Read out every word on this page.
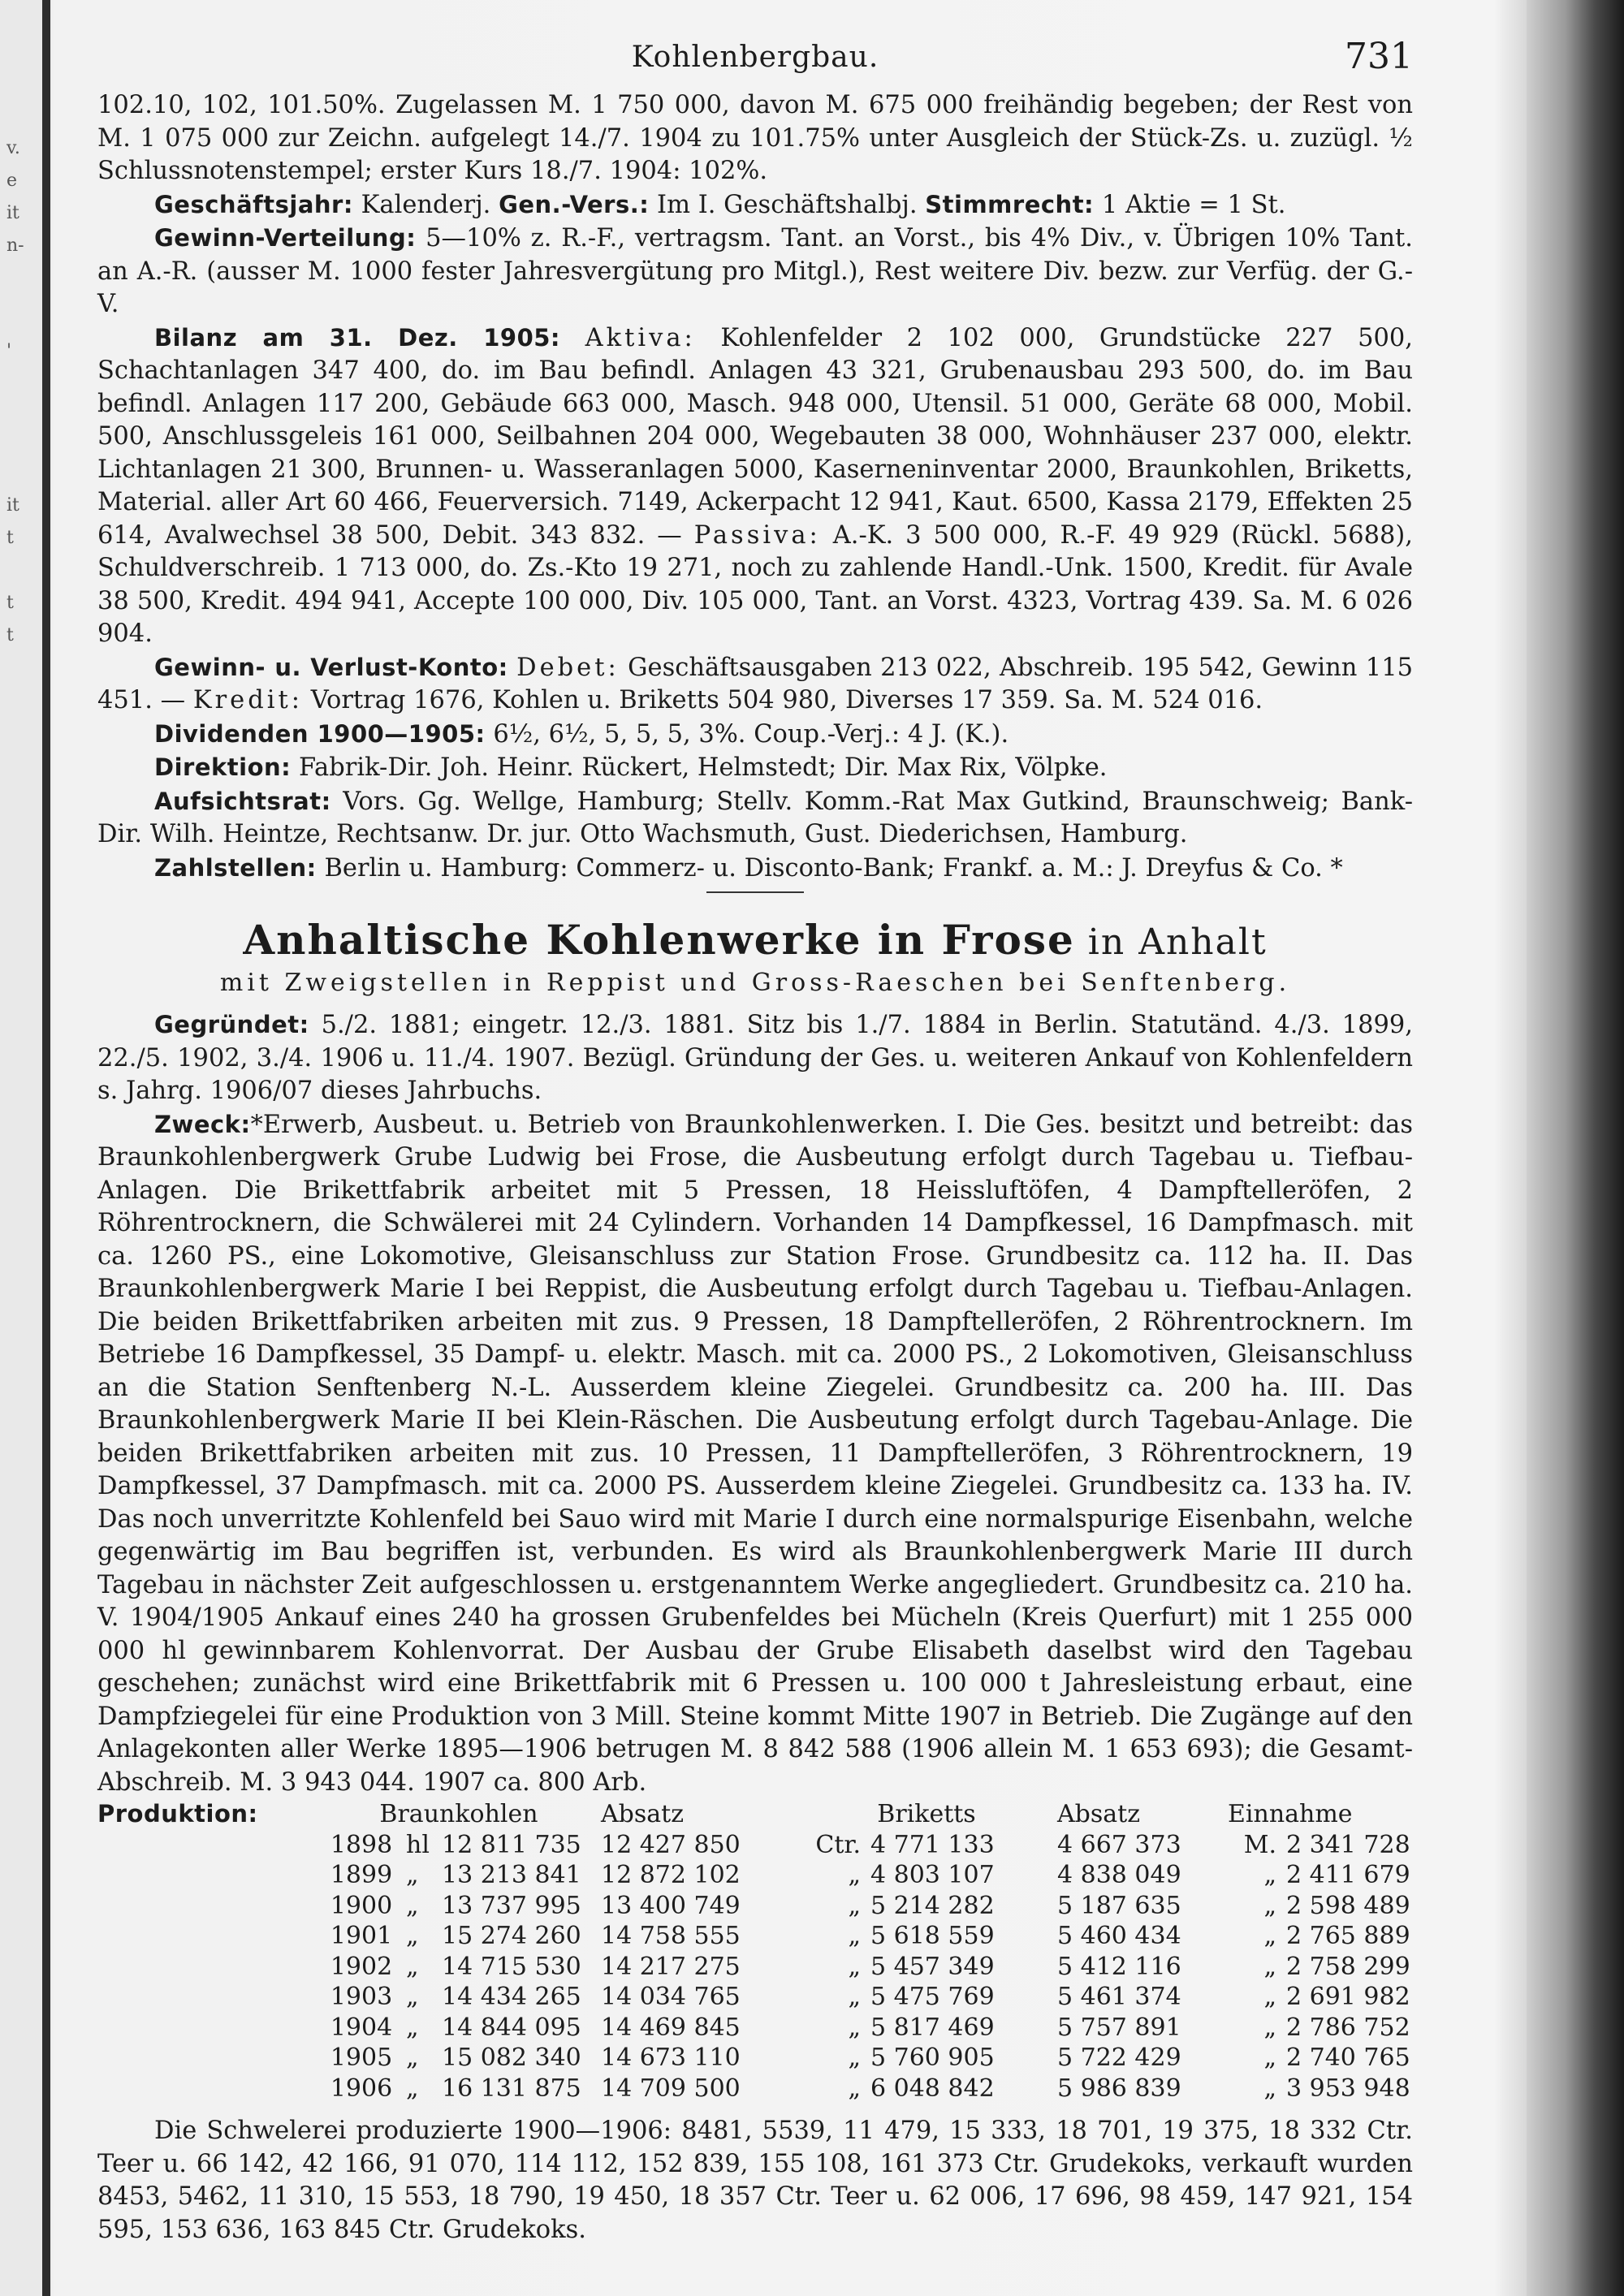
v.
e
it
n-
'
it
t
t
t
Kohlenbergbau.	731

102.10, 102, 101.50%. Zugelassen M. 1 750 000, davon M. 675 000 freihändig begeben; der Rest von M. 1 075 000 zur Zeichn. aufgelegt 14./7. 1904 zu 101.75% unter Ausgleich der Stück-Zs. u. zuzügl. ½ Schlussnotenstempel; erster Kurs 18./7. 1904: 102%.

Geschäftsjahr: Kalenderj. Gen.-Vers.: Im I. Geschäftshalbj. Stimmrecht: 1 Aktie = 1 St.

Gewinn-Verteilung: 5—10% z. R.-F., vertragsm. Tant. an Vorst., bis 4% Div., v. Übrigen 10% Tant. an A.-R. (ausser M. 1000 fester Jahresvergütung pro Mitgl.), Rest weitere Div. bezw. zur Verfüg. der G.-V.

Bilanz am 31. Dez. 1905: Aktiva: Kohlenfelder 2 102 000, Grundstücke 227 500, Schachtanlagen 347 400, do. im Bau befindl. Anlagen 43 321, Grubenausbau 293 500, do. im Bau befindl. Anlagen 117 200, Gebäude 663 000, Masch. 948 000, Utensil. 51 000, Geräte 68 000, Mobil. 500, Anschlussgeleis 161 000, Seilbahnen 204 000, Wegebauten 38 000, Wohnhäuser 237 000, elektr. Lichtanlagen 21 300, Brunnen- u. Wasseranlagen 5000, Kaserneninventar 2000, Braunkohlen, Briketts, Material. aller Art 60 466, Feuerversich. 7149, Ackerpacht 12 941, Kaut. 6500, Kassa 2179, Effekten 25 614, Avalwechsel 38 500, Debit. 343 832. — Passiva: A.-K. 3 500 000, R.-F. 49 929 (Rückl. 5688), Schuldverschreib. 1 713 000, do. Zs.-Kto 19 271, noch zu zahlende Handl.-Unk. 1500, Kredit. für Avale 38 500, Kredit. 494 941, Accepte 100 000, Div. 105 000, Tant. an Vorst. 4323, Vortrag 439. Sa. M. 6 026 904.

Gewinn- u. Verlust-Konto: Debet: Geschäftsausgaben 213 022, Abschreib. 195 542, Gewinn 115 451. — Kredit: Vortrag 1676, Kohlen u. Briketts 504 980, Diverses 17 359. Sa. M. 524 016.

Dividenden 1900—1905: 6½, 6½, 5, 5, 5, 3%. Coup.-Verj.: 4 J. (K.).

Direktion: Fabrik-Dir. Joh. Heinr. Rückert, Helmstedt; Dir. Max Rix, Völpke.

Aufsichtsrat: Vors. Gg. Wellge, Hamburg; Stellv. Komm.-Rat Max Gutkind, Braunschweig; Bank-Dir. Wilh. Heintze, Rechtsanw. Dr. jur. Otto Wachsmuth, Gust. Diederichsen, Hamburg.

Zahlstellen: Berlin u. Hamburg: Commerz- u. Disconto-Bank; Frankf. a. M.: J. Dreyfus & Co. *

Anhaltische Kohlenwerke in Frose in Anhalt
mit Zweigstellen in Reppist und Gross-Raeschen bei Senftenberg.

Gegründet: 5./2. 1881; eingetr. 12./3. 1881. Sitz bis 1./7. 1884 in Berlin. Statutänd. 4./3. 1899, 22./5. 1902, 3./4. 1906 u. 11./4. 1907. Bezügl. Gründung der Ges. u. weiteren Ankauf von Kohlenfeldern s. Jahrg. 1906/07 dieses Jahrbuchs.

Zweck:*Erwerb, Ausbeut. u. Betrieb von Braunkohlenwerken. I. Die Ges. besitzt und betreibt: das Braunkohlenbergwerk Grube Ludwig bei Frose, die Ausbeutung erfolgt durch Tagebau u. Tiefbau-Anlagen. Die Brikettfabrik arbeitet mit 5 Pressen, 18 Heissluftöfen, 4 Dampftelleröfen, 2 Röhrentrocknern, die Schwälerei mit 24 Cylindern. Vorhanden 14 Dampfkessel, 16 Dampfmasch. mit ca. 1260 PS., eine Lokomotive, Gleisanschluss zur Station Frose. Grundbesitz ca. 112 ha. II. Das Braunkohlenbergwerk Marie I bei Reppist, die Ausbeutung erfolgt durch Tagebau u. Tiefbau-Anlagen. Die beiden Brikettfabriken arbeiten mit zus. 9 Pressen, 18 Dampftelleröfen, 2 Röhrentrocknern. Im Betriebe 16 Dampfkessel, 35 Dampf- u. elektr. Masch. mit ca. 2000 PS., 2 Lokomotiven, Gleisanschluss an die Station Senftenberg N.-L. Ausserdem kleine Ziegelei. Grundbesitz ca. 200 ha. III. Das Braunkohlenbergwerk Marie II bei Klein-Räschen. Die Ausbeutung erfolgt durch Tagebau-Anlage. Die beiden Brikettfabriken arbeiten mit zus. 10 Pressen, 11 Dampftelleröfen, 3 Röhrentrocknern, 19 Dampfkessel, 37 Dampfmasch. mit ca. 2000 PS. Ausserdem kleine Ziegelei. Grundbesitz ca. 133 ha. IV. Das noch unverritzte Kohlenfeld bei Sauo wird mit Marie I durch eine normalspurige Eisenbahn, welche gegenwärtig im Bau begriffen ist, verbunden. Es wird als Braunkohlenbergwerk Marie III durch Tagebau in nächster Zeit aufgeschlossen u. erstgenanntem Werke angegliedert. Grundbesitz ca. 210 ha. V. 1904/1905 Ankauf eines 240 ha grossen Grubenfeldes bei Mücheln (Kreis Querfurt) mit 1 255 000 000 hl gewinnbarem Kohlenvorrat. Der Ausbau der Grube Elisabeth daselbst wird den Tagebau geschehen; zunächst wird eine Brikettfabrik mit 6 Pressen u. 100 000 t Jahresleistung erbaut, eine Dampfziegelei für eine Produktion von 3 Mill. Steine kommt Mitte 1907 in Betrieb. Die Zugänge auf den Anlagekonten aller Werke 1895—1906 betrugen M. 8 842 588 (1906 allein M. 1 653 693); die Gesamt-Abschreib. M. 3 943 044. 1907 ca. 800 Arb.

Produktion:	Braunkohlen			Absatz	Briketts		Absatz	Einnahme	
	1898	hl	12 811 735	12 427 850	Ctr.	4 771 133	4 667 373	M.	2 341 728
	1899	„	13 213 841	12 872 102	„	4 803 107	4 838 049	„	2 411 679
	1900	„	13 737 995	13 400 749	„	5 214 282	5 187 635	„	2 598 489
	1901	„	15 274 260	14 758 555	„	5 618 559	5 460 434	„	2 765 889
	1902	„	14 715 530	14 217 275	„	5 457 349	5 412 116	„	2 758 299
	1903	„	14 434 265	14 034 765	„	5 475 769	5 461 374	„	2 691 982
	1904	„	14 844 095	14 469 845	„	5 817 469	5 757 891	„	2 786 752
	1905	„	15 082 340	14 673 110	„	5 760 905	5 722 429	„	2 740 765
	1906	„	16 131 875	14 709 500	„	6 048 842	5 986 839	„	3 953 948

Die Schwelerei produzierte 1900—1906: 8481, 5539, 11 479, 15 333, 18 701, 19 375, 18 332 Ctr. Teer u. 66 142, 42 166, 91 070, 114 112, 152 839, 155 108, 161 373 Ctr. Grudekoks, verkauft wurden 8453, 5462, 11 310, 15 553, 18 790, 19 450, 18 357 Ctr. Teer u. 62 006, 17 696, 98 459, 147 921, 154 595, 153 636, 163 845 Ctr. Grudekoks.
